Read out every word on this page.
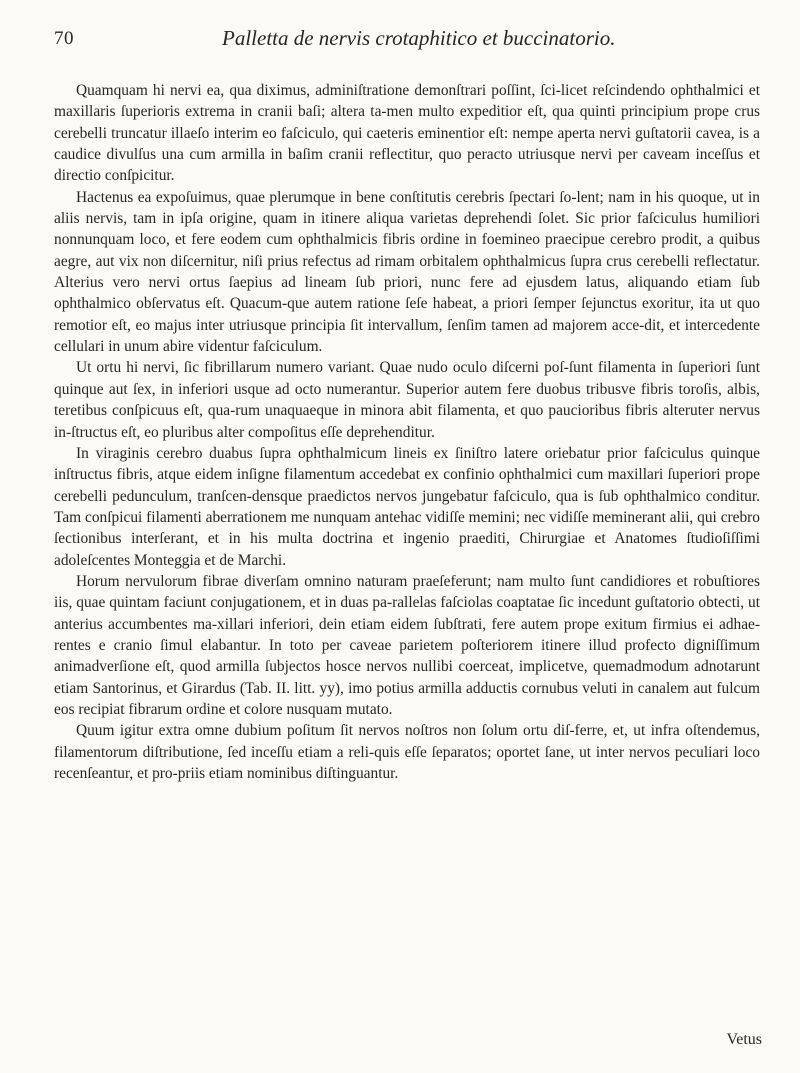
70	Palletta de nervis crotaphitico et buccinatorio.

Quamquam hi nervi ea, qua diximus, adminiſtratione demonſtrari poſſint, ſci-licet reſcindendo ophthalmici et maxillaris ſuperioris extrema in cranii baſi; altera ta-men multo expeditior eſt, qua quinti principium prope crus cerebelli truncatur illaeſo interim eo faſciculo, qui caeteris eminentior eſt: nempe aperta nervi guſtatorii cavea, is a caudice divulſus una cum armilla in baſim cranii reflectitur, quo peracto utriusque nervi per caveam inceſſus et directio conſpicitur.

Hactenus ea expoſuimus, quae plerumque in bene conſtitutis cerebris ſpectari ſo-lent; nam in his quoque, ut in aliis nervis, tam in ipſa origine, quam in itinere aliqua varietas deprehendi ſolet. Sic prior faſciculus humiliori nonnunquam loco, et fere eodem cum ophthalmicis fibris ordine in foemineo praecipue cerebro prodit, a quibus aegre, aut vix non diſcernitur, niſi prius refectus ad rimam orbitalem ophthalmicus ſupra crus cerebelli reflectatur. Alterius vero nervi ortus ſaepius ad lineam ſub priori, nunc fere ad ejusdem latus, aliquando etiam ſub ophthalmico obſervatus eſt. Quacum-que autem ratione ſeſe habeat, a priori ſemper ſejunctus exoritur, ita ut quo remotior eſt, eo majus inter utriusque principia ſit intervallum, ſenſim tamen ad majorem acce-dit, et intercedente cellulari in unum abire videntur faſciculum.

Ut ortu hi nervi, ſic fibrillarum numero variant. Quae nudo oculo diſcerni poſ-ſunt filamenta in ſuperiori ſunt quinque aut ſex, in inferiori usque ad octo numerantur. Superior autem fere duobus tribusve fibris toroſis, albis, teretibus conſpicuus eſt, qua-rum unaquaeque in minora abit filamenta, et quo paucioribus fibris alteruter nervus in-ſtructus eſt, eo pluribus alter compoſitus eſſe deprehenditur.

In viraginis cerebro duabus ſupra ophthalmicum lineis ex ſiniſtro latere oriebatur prior faſciculus quinque inſtructus fibris, atque eidem inſigne filamentum accedebat ex confinio ophthalmici cum maxillari ſuperiori prope cerebelli pedunculum, tranſcen-densque praedictos nervos jungebatur faſciculo, qua is ſub ophthalmico conditur. Tam conſpicui filamenti aberrationem me nunquam antehac vidiſſe memini; nec vidiſſe meminerant alii, qui crebro ſectionibus interſerant, et in his multa doctrina et ingenio praediti, Chirurgiae et Anatomes ſtudioſiſſimi adoleſcentes Monteggia et de Marchi.

Horum nervulorum fibrae diverſam omnino naturam praeſeferunt; nam multo ſunt candidiores et robuſtiores iis, quae quintam faciunt conjugationem, et in duas pa-rallelas faſciolas coaptatae ſic incedunt guſtatorio obtecti, ut anterius accumbentes ma-xillari inferiori, dein etiam eidem ſubſtrati, fere autem prope exitum firmius ei adhae-rentes e cranio ſimul elabantur. In toto per caveae parietem poſteriorem itinere illud profecto digniſſimum animadverſione eſt, quod armilla ſubjectos hosce nervos nullibi coerceat, implicetve, quemadmodum adnotarunt etiam Santorinus, et Girardus (Tab. II. litt. yy), imo potius armilla adductis cornubus veluti in canalem aut fulcum eos recipiat fibrarum ordine et colore nusquam mutato.

Quum igitur extra omne dubium poſitum ſit nervos noſtros non ſolum ortu diſ-ferre, et, ut infra oſtendemus, filamentorum diſtributione, ſed inceſſu etiam a reli-quis eſſe ſeparatos; oportet ſane, ut inter nervos peculiari loco recenſeantur, et pro-priis etiam nominibus diſtinguantur.

Vetus
